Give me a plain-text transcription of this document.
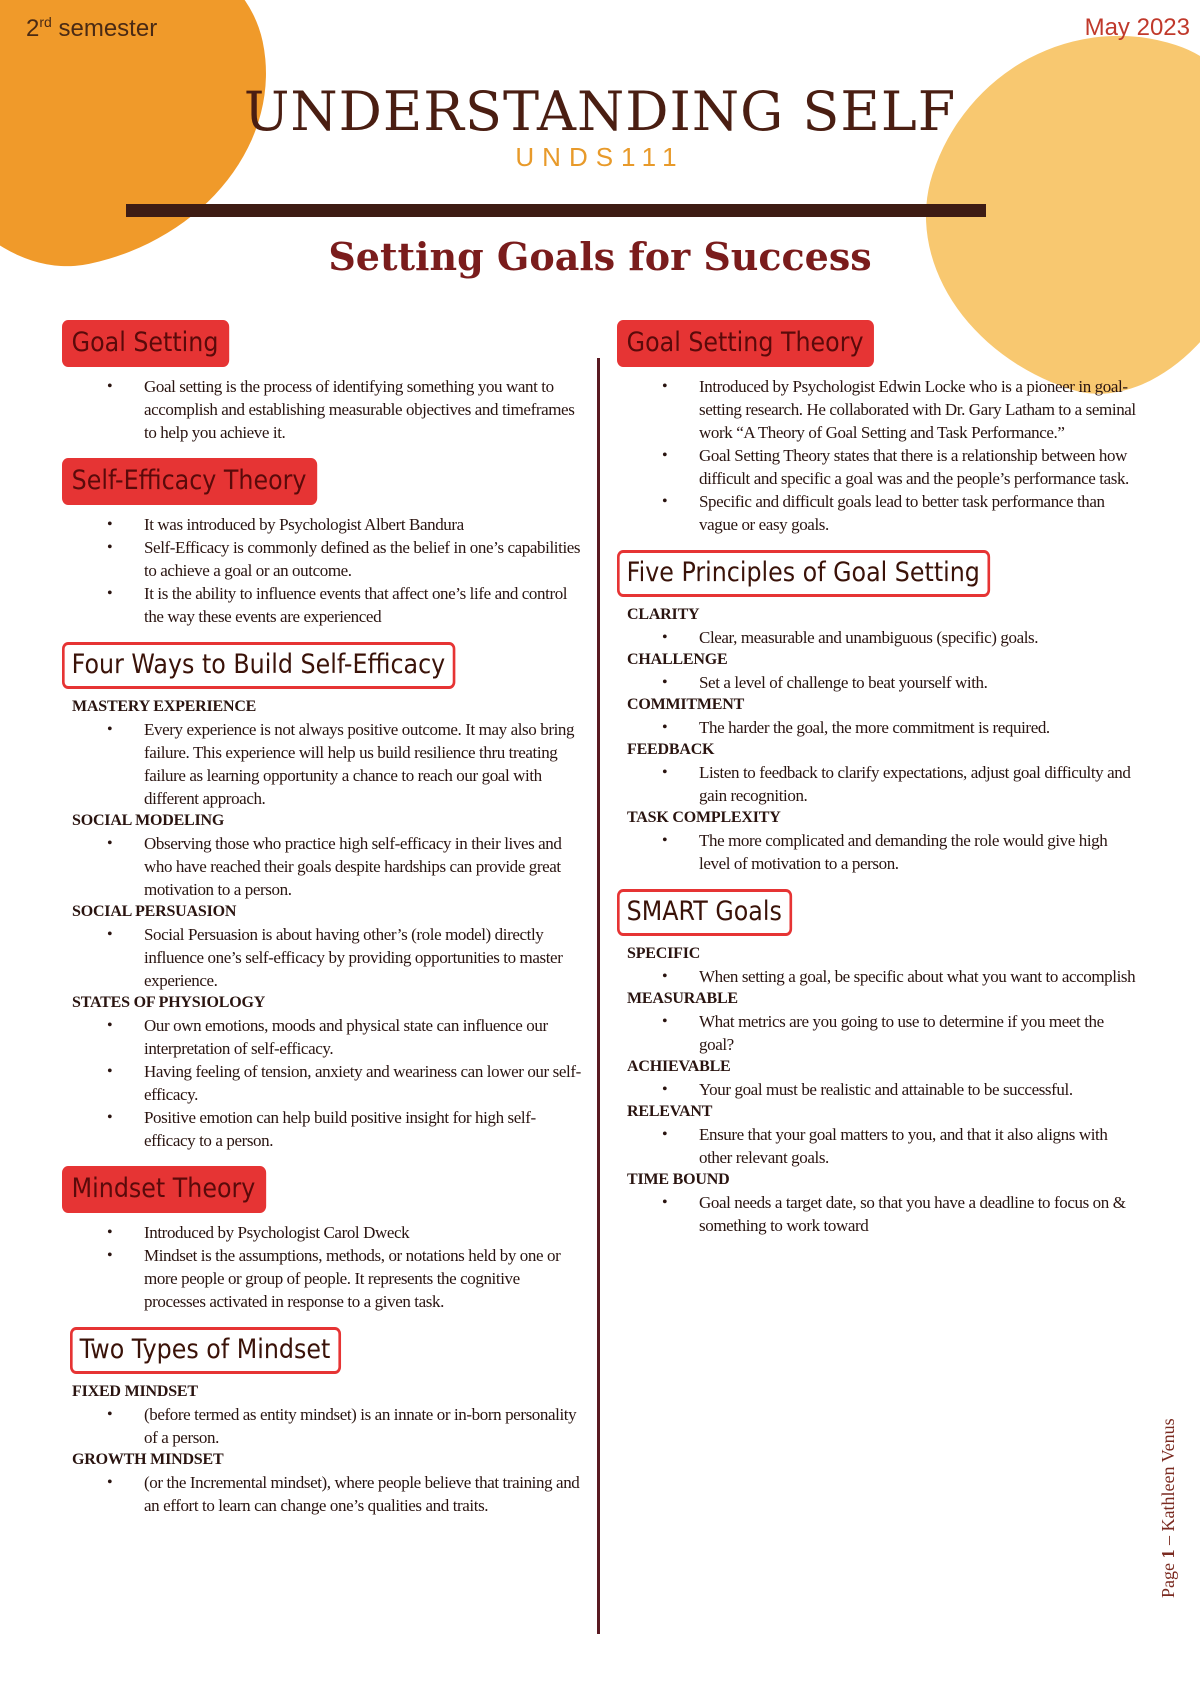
2rd semester	May 2023
UNDERSTANDING SELF
UNDS111
Setting Goals for Success
Goal Setting
• Goal setting is the process of identifying something you want to accomplish and establishing measurable objectives and timeframes to help you achieve it.
Self-Efficacy Theory
• It was introduced by Psychologist Albert Bandura
• Self-Efficacy is commonly defined as the belief in one’s capabilities to achieve a goal or an outcome.
• It is the ability to influence events that affect one’s life and control the way these events are experienced
Four Ways to Build Self-Efficacy
MASTERY EXPERIENCE
• Every experience is not always positive outcome. It may also bring failure. This experience will help us build resilience thru treating failure as learning opportunity a chance to reach our goal with different approach.
SOCIAL MODELING
• Observing those who practice high self-efficacy in their lives and who have reached their goals despite hardships can provide great motivation to a person.
SOCIAL PERSUASION
• Social Persuasion is about having other’s (role model) directly influence one’s self-efficacy by providing opportunities to master experience.
STATES OF PHYSIOLOGY
• Our own emotions, moods and physical state can influence our interpretation of self-efficacy.
• Having feeling of tension, anxiety and weariness can lower our self-efficacy.
• Positive emotion can help build positive insight for high self-efficacy to a person.
Mindset Theory
• Introduced by Psychologist Carol Dweck
• Mindset is the assumptions, methods, or notations held by one or more people or group of people. It represents the cognitive processes activated in response to a given task.
Two Types of Mindset
FIXED MINDSET
• (before termed as entity mindset) is an innate or in-born personality of a person.
GROWTH MINDSET
• (or the Incremental mindset), where people believe that training and an effort to learn can change one’s qualities and traits.
Goal Setting Theory
• Introduced by Psychologist Edwin Locke who is a pioneer in goal-setting research. He collaborated with Dr. Gary Latham to a seminal work “A Theory of Goal Setting and Task Performance.”
• Goal Setting Theory states that there is a relationship between how difficult and specific a goal was and the people’s performance task.
• Specific and difficult goals lead to better task performance than vague or easy goals.
Five Principles of Goal Setting
CLARITY
• Clear, measurable and unambiguous (specific) goals.
CHALLENGE
• Set a level of challenge to beat yourself with.
COMMITMENT
• The harder the goal, the more commitment is required.
FEEDBACK
• Listen to feedback to clarify expectations, adjust goal difficulty and gain recognition.
TASK COMPLEXITY
• The more complicated and demanding the role would give high level of motivation to a person.
SMART Goals
SPECIFIC
• When setting a goal, be specific about what you want to accomplish
MEASURABLE
• What metrics are you going to use to determine if you meet the goal?
ACHIEVABLE
• Your goal must be realistic and attainable to be successful.
RELEVANT
• Ensure that your goal matters to you, and that it also aligns with other relevant goals.
TIME BOUND
• Goal needs a target date, so that you have a deadline to focus on & something to work toward
Page 1 – Kathleen Venus
